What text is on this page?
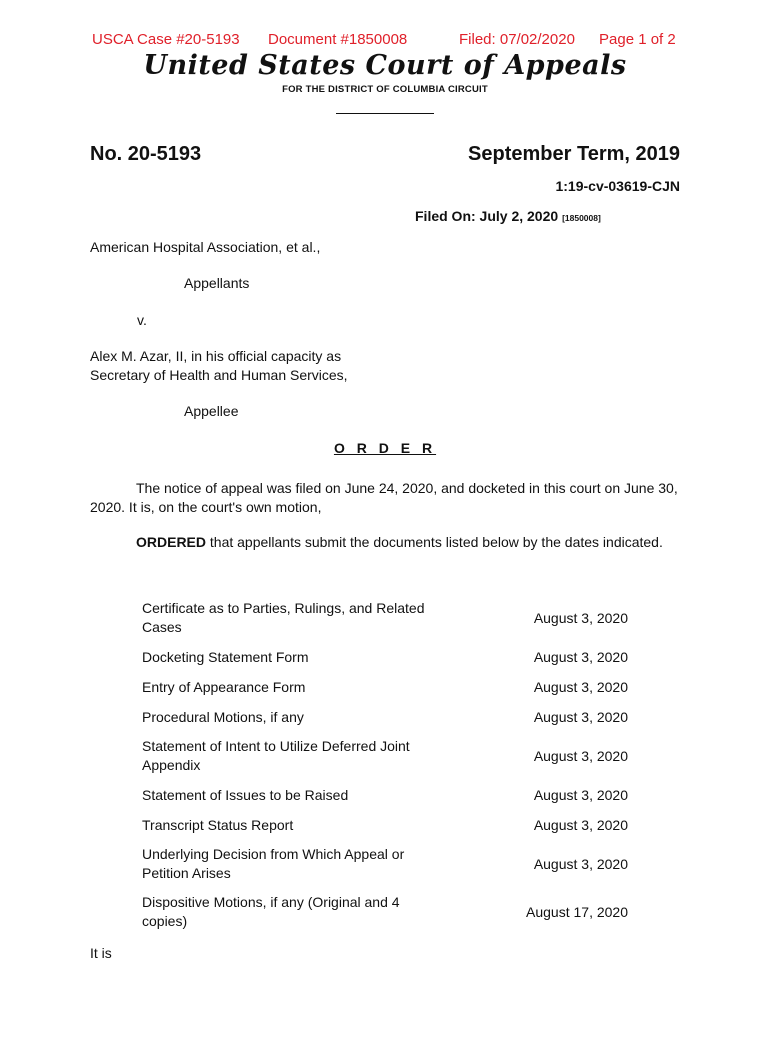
USCA Case #20-5193 Document #1850008	Filed: 07/02/2020 Page 1 of 2
United States Court of Appeals
FOR THE DISTRICT OF COLUMBIA CIRCUIT
No. 20-5193	September Term, 2019
1:19-cv-03619-CJN
Filed On: July 2, 2020 [1850008]
American Hospital Association, et al.,
Appellants
v.
Alex M. Azar, II, in his official capacity as
Secretary of Health and Human Services,
Appellee
O R D E R
The notice of appeal was filed on June 24, 2020, and docketed in this court on June 30, 2020. It is, on the court's own motion,
ORDERED that appellants submit the documents listed below by the dates indicated.
Certificate as to Parties, Rulings, and Related Cases	August 3, 2020
Docketing Statement Form	August 3, 2020
Entry of Appearance Form	August 3, 2020
Procedural Motions, if any	August 3, 2020
Statement of Intent to Utilize Deferred Joint Appendix	August 3, 2020
Statement of Issues to be Raised	August 3, 2020
Transcript Status Report	August 3, 2020
Underlying Decision from Which Appeal or Petition Arises	August 3, 2020
Dispositive Motions, if any (Original and 4 copies)	August 17, 2020
It is
